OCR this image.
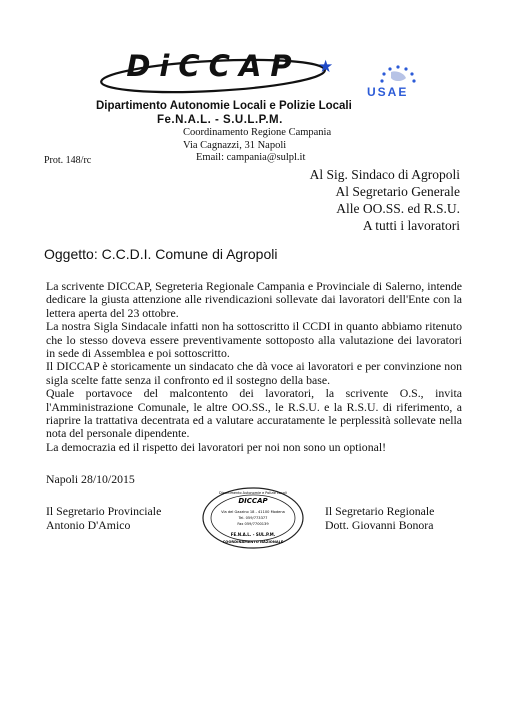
DiCCAP	★
USAE
Dipartimento Autonomie Locali e Polizie Locali
Fe.N.A.L. - S.U.L.P.M.
Coordinamento Regione Campania
Via Cagnazzi, 31 Napoli
Email: campania@sulpl.it
Prot. 148/rc
Al Sig. Sindaco di Agropoli
Al Segretario Generale
Alle OO.SS. ed R.S.U.
A tutti i lavoratori
Oggetto: C.C.D.I. Comune di Agropoli

La scrivente DICCAP, Segreteria Regionale Campania e Provinciale di Salerno, intende dedicare la giusta attenzione alle rivendicazioni sollevate dai lavoratori dell'Ente con la lettera aperta del 23 ottobre.

La nostra Sigla Sindacale infatti non ha sottoscritto il CCDI in quanto abbiamo ritenuto che lo stesso doveva essere preventivamente sottoposto alla valutazione dei lavoratori in sede di Assemblea e poi sottoscritto.

Il DICCAP è storicamente un sindacato che dà voce ai lavoratori e per convinzione non sigla scelte fatte senza il confronto ed il sostegno della base.

Quale portavoce del malcontento dei lavoratori, la scrivente O.S., invita l'Amministrazione Comunale, le altre OO.SS., le R.S.U. e la R.S.U. di riferimento, a riaprire la trattativa decentrata ed a valutare accuratamente le perplessità sollevate nella nota del personale dipendente.

La democrazia ed il rispetto dei lavoratori per noi non sono un optional!

Napoli 28/10/2015
Il Segretario Provinciale
Antonio D'Amico
Il Segretario Regionale
Dott. Giovanni Bonora
Dipartimento Autonomie e Polizie Locali
DICCAP
Via del Gazzino 18 - 41100 Modena
Tel. 059/773377
Fax 059/7700139
FE.N.A.L. - SUL.P.M.
COORDINAMENTO NAZIONALE
